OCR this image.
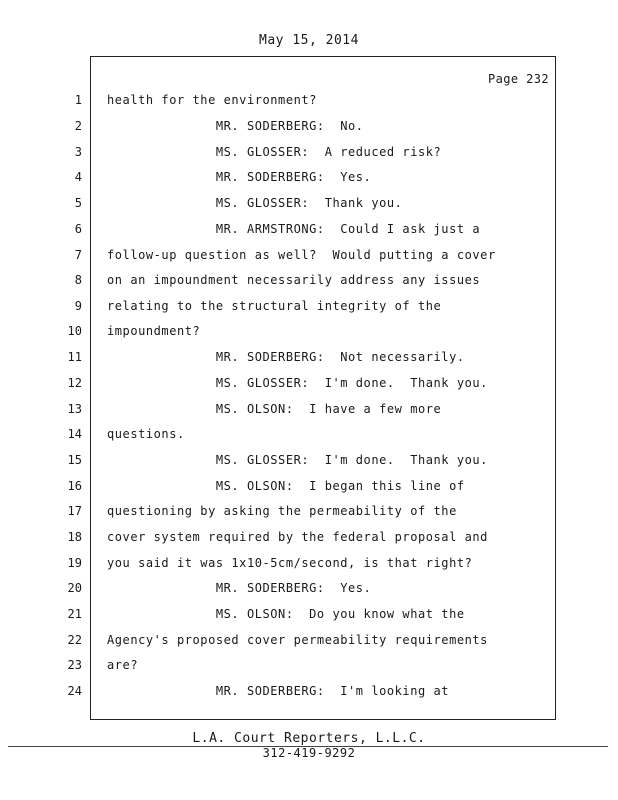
May 15, 2014
Page 232
1 health for the environment?
2 MR. SODERBERG:  No.
3 MS. GLOSSER:  A reduced risk?
4 MR. SODERBERG:  Yes.
5 MS. GLOSSER:  Thank you.
6 MR. ARMSTRONG:  Could I ask just a
7 follow-up question as well?  Would putting a cover
8 on an impoundment necessarily address any issues
9 relating to the structural integrity of the
10 impoundment?
11 MR. SODERBERG:  Not necessarily.
12 MS. GLOSSER:  I'm done.  Thank you.
13 MS. OLSON:  I have a few more
14 questions.
15 MS. GLOSSER:  I'm done.  Thank you.
16 MS. OLSON:  I began this line of
17 questioning by asking the permeability of the
18 cover system required by the federal proposal and
19 you said it was 1x10-5cm/second, is that right?
20 MR. SODERBERG:  Yes.
21 MS. OLSON:  Do you know what the
22 Agency's proposed cover permeability requirements
23 are?
24 MR. SODERBERG:  I'm looking at
L.A. Court Reporters, L.L.C.
312-419-9292
